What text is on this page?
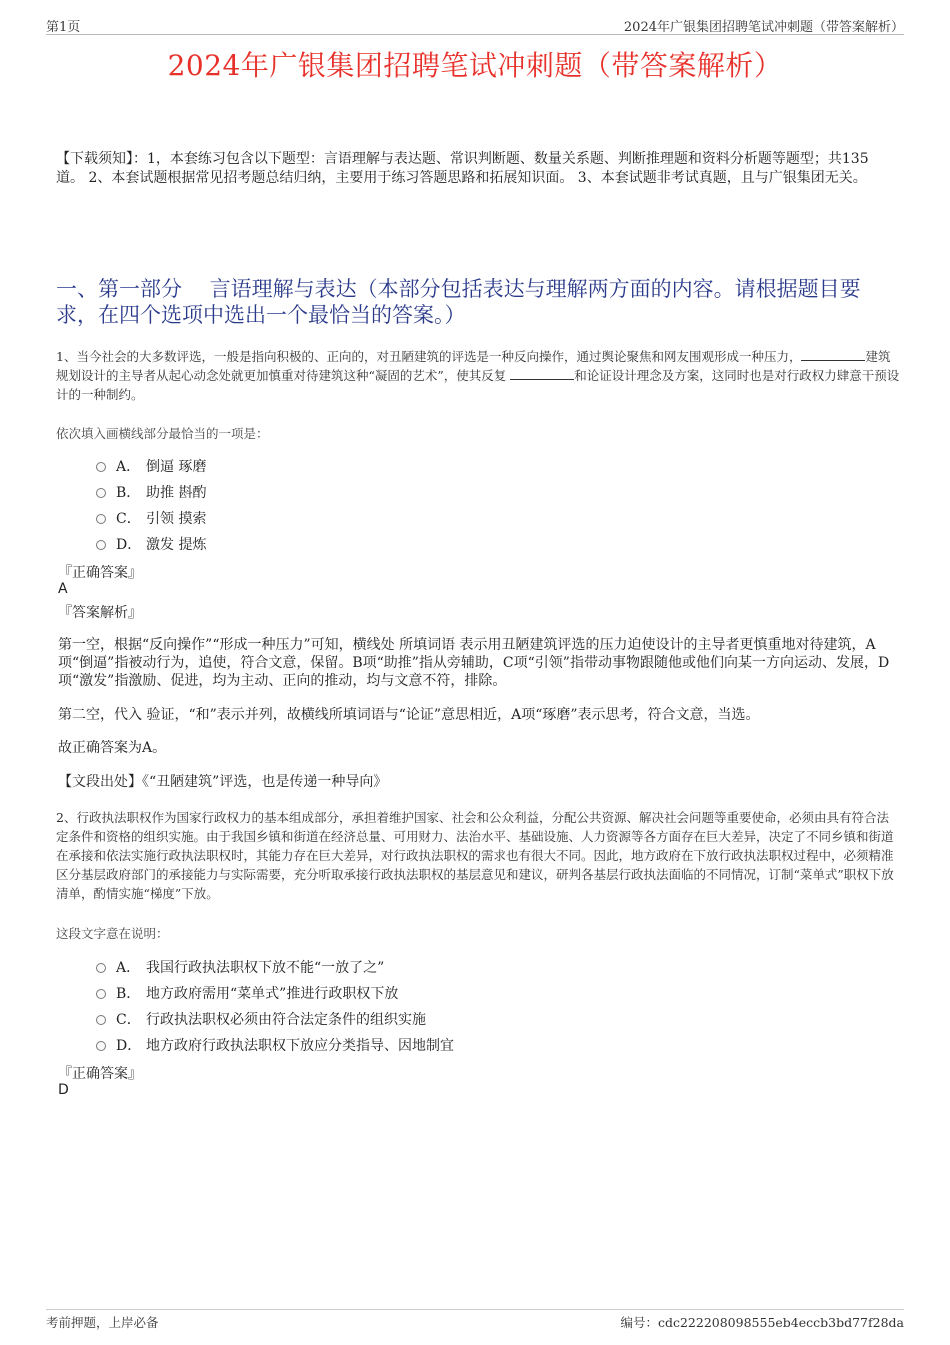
第1页	2024年广银集团招聘笔试冲刺题（带答案解析）
2024年广银集团招聘笔试冲刺题（带答案解析）
【下载须知】：1，本套练习包含以下题型：言语理解与表达题、常识判断题、数量关系题、判断推理题和资料分析题等题型；共135道。 2、本套试题根据常见招考题总结归纳，主要用于练习答题思路和拓展知识面。 3、本套试题非考试真题，且与广银集团无关。
一、第一部分　 言语理解与表达（本部分包括表达与理解两方面的内容。请根据题目要求，在四个选项中选出一个最恰当的答案。）
1、当今社会的大多数评选，一般是指向积极的、正向的，对丑陋建筑的评选是一种反向操作，通过舆论聚焦和网友围观形成一种压力，	建筑规划设计的主导者从起心动念处就更加慎重对待建筑这种“凝固的艺术”，使其反复	和论证设计理念及方案，这同时也是对行政权力肆意干预设计的一种制约。
依次填入画横线部分最恰当的一项是：
A． 倒逼 琢磨
B． 助推 斟酌
C． 引领 摸索
D． 激发 提炼
『正确答案』
A
『答案解析』
第一空，根据“反向操作”“形成一种压力”可知，横线处 所填词语 表示用丑陋建筑评选的压力迫使设计的主导者更慎重地对待建筑，A项“倒逼”指被动行为，追使，符合文意，保留。B项“助推”指从旁辅助，C项“引领”指带动事物跟随他或他们向某一方向运动、发展，D项“激发”指激励、促进，均为主动、正向的推动，均与文意不符，排除。
第二空，代入 验证，“和”表示并列，故横线所填词语与“论证”意思相近，A项“琢磨”表示思考，符合文意，当选。
故正确答案为A。
【文段出处】《“丑陋建筑”评选，也是传递一种导向》
2、行政执法职权作为国家行政权力的基本组成部分，承担着维护国家、社会和公众利益，分配公共资源、解决社会问题等重要使命，必须由具有符合法定条件和资格的组织实施。由于我国乡镇和街道在经济总量、可用财力、法治水平、基础设施、人力资源等各方面存在巨大差异，决定了不同乡镇和街道在承接和依法实施行政执法职权时，其能力存在巨大差异，对行政执法职权的需求也有很大不同。因此，地方政府在下放行政执法职权过程中，必须精准区分基层政府部门的承接能力与实际需要，充分听取承接行政执法职权的基层意见和建议，研判各基层行政执法面临的不同情况，订制“菜单式”职权下放清单，酌情实施“梯度”下放。
这段文字意在说明：
A． 我国行政执法职权下放不能“一放了之”
B． 地方政府需用“菜单式”推进行政职权下放
C． 行政执法职权必须由符合法定条件的组织实施
D． 地方政府行政执法职权下放应分类指导、因地制宜
『正确答案』
D
考前押题，上岸必备	编号：cdc222208098555eb4eccb3bd77f28da
